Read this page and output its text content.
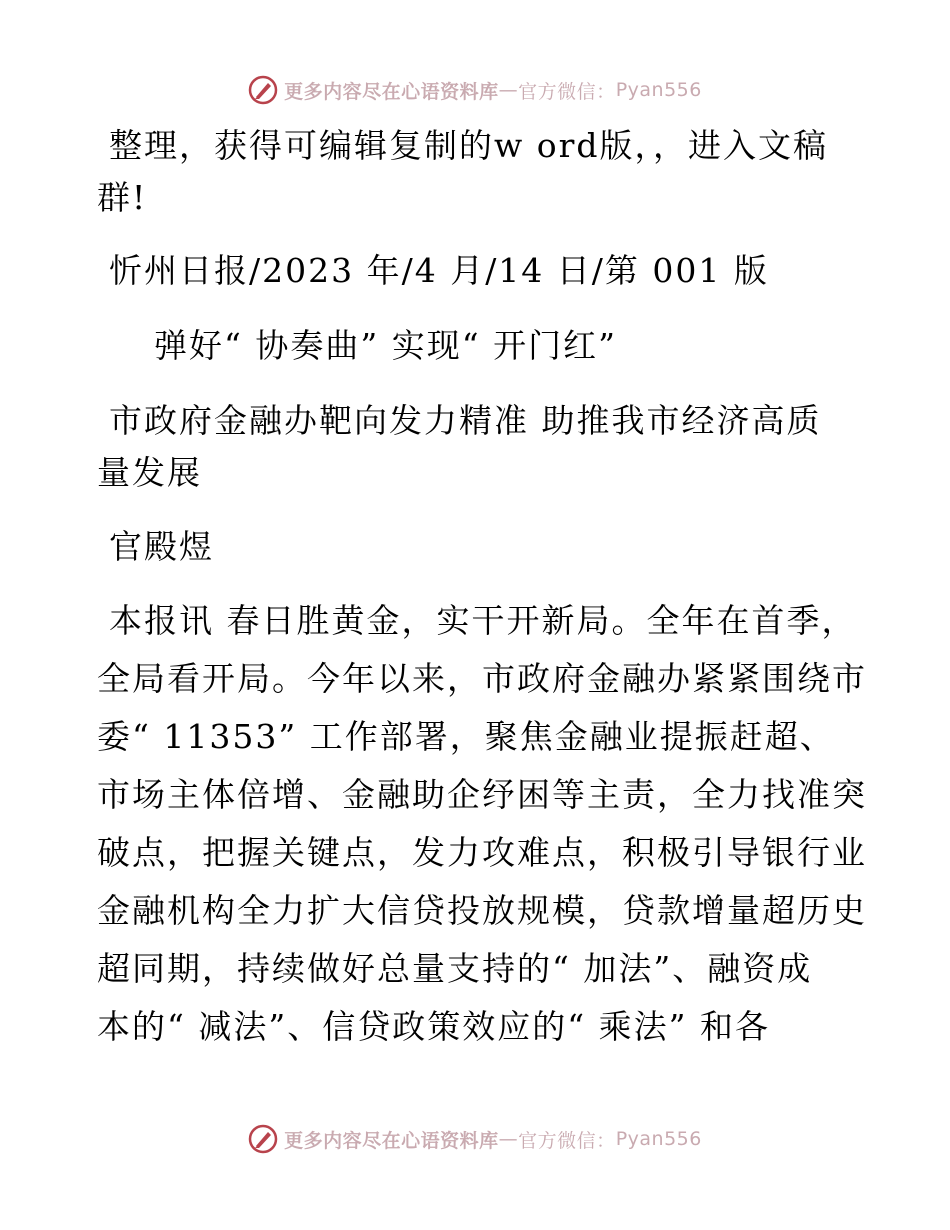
更多内容尽在心语资料库 — 官方微信： Pyan556
整理，获得可编辑复制的w ord版，，进入文稿
群!
忻州日报/2023 年/4 月/14 日/第 001 版
弹好“ 协奏曲” 实现“ 开门红”
市政府金融办靶向发力精准 助推我市经济高质
量发展
官殿煜
本报讯 春日胜黄金，实干开新局。全年在首季，
全局看开局。今年以来，市政府金融办紧紧围绕市
委“ 11353” 工作部署，聚焦金融业提振赶超、
市场主体倍增、金融助企纾困等主责，全力找准突
破点，把握关键点，发力攻难点，积极引导银行业
金融机构全力扩大信贷投放规模，贷款增量超历史
超同期，持续做好总量支持的“ 加法”、融资成
本的“ 减法”、信贷政策效应的“ 乘法” 和各
更多内容尽在心语资料库 — 官方微信： Pyan556
